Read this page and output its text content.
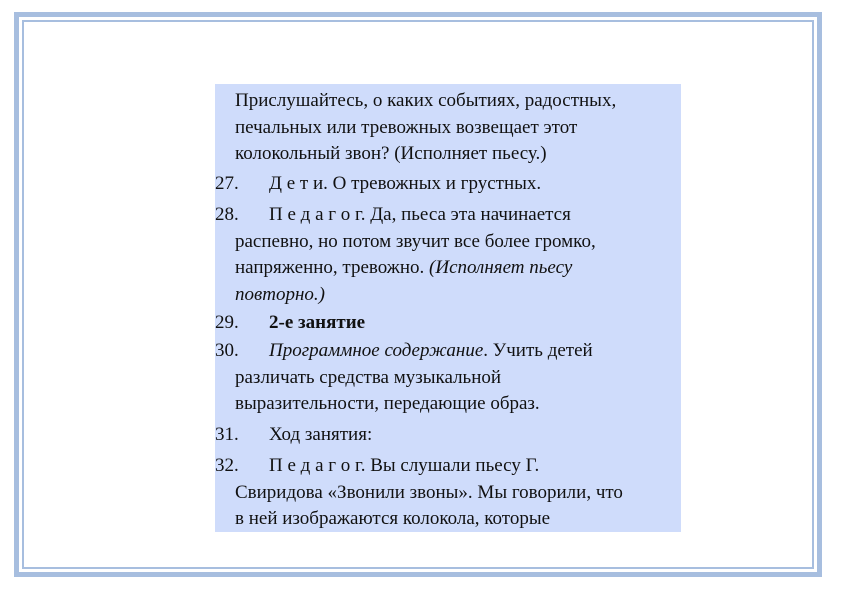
Прислушайтесь, о каких событиях, радостных,
печальных или тревожных возвещает этот
колокольный звон? (Исполняет пьесу.)
27.	Д е т и. О тревожных и грустных.
28. П е д а г о г. Да, пьеса эта начинается
распевно, но потом звучит все более громко,
напряженно, тревожно. (Исполняет пьесу
повторно.)
29.	2-е занятие
30.	Программное содержание. Учить детей
различать средства музыкальной
выразительности, передающие образ.
31.	Ход занятия:
32. П е д а г о г. Вы слушали пьесу Г.
Свиридова «Звонили звоны». Мы говорили, что
в ней изображаются колокола, которые
